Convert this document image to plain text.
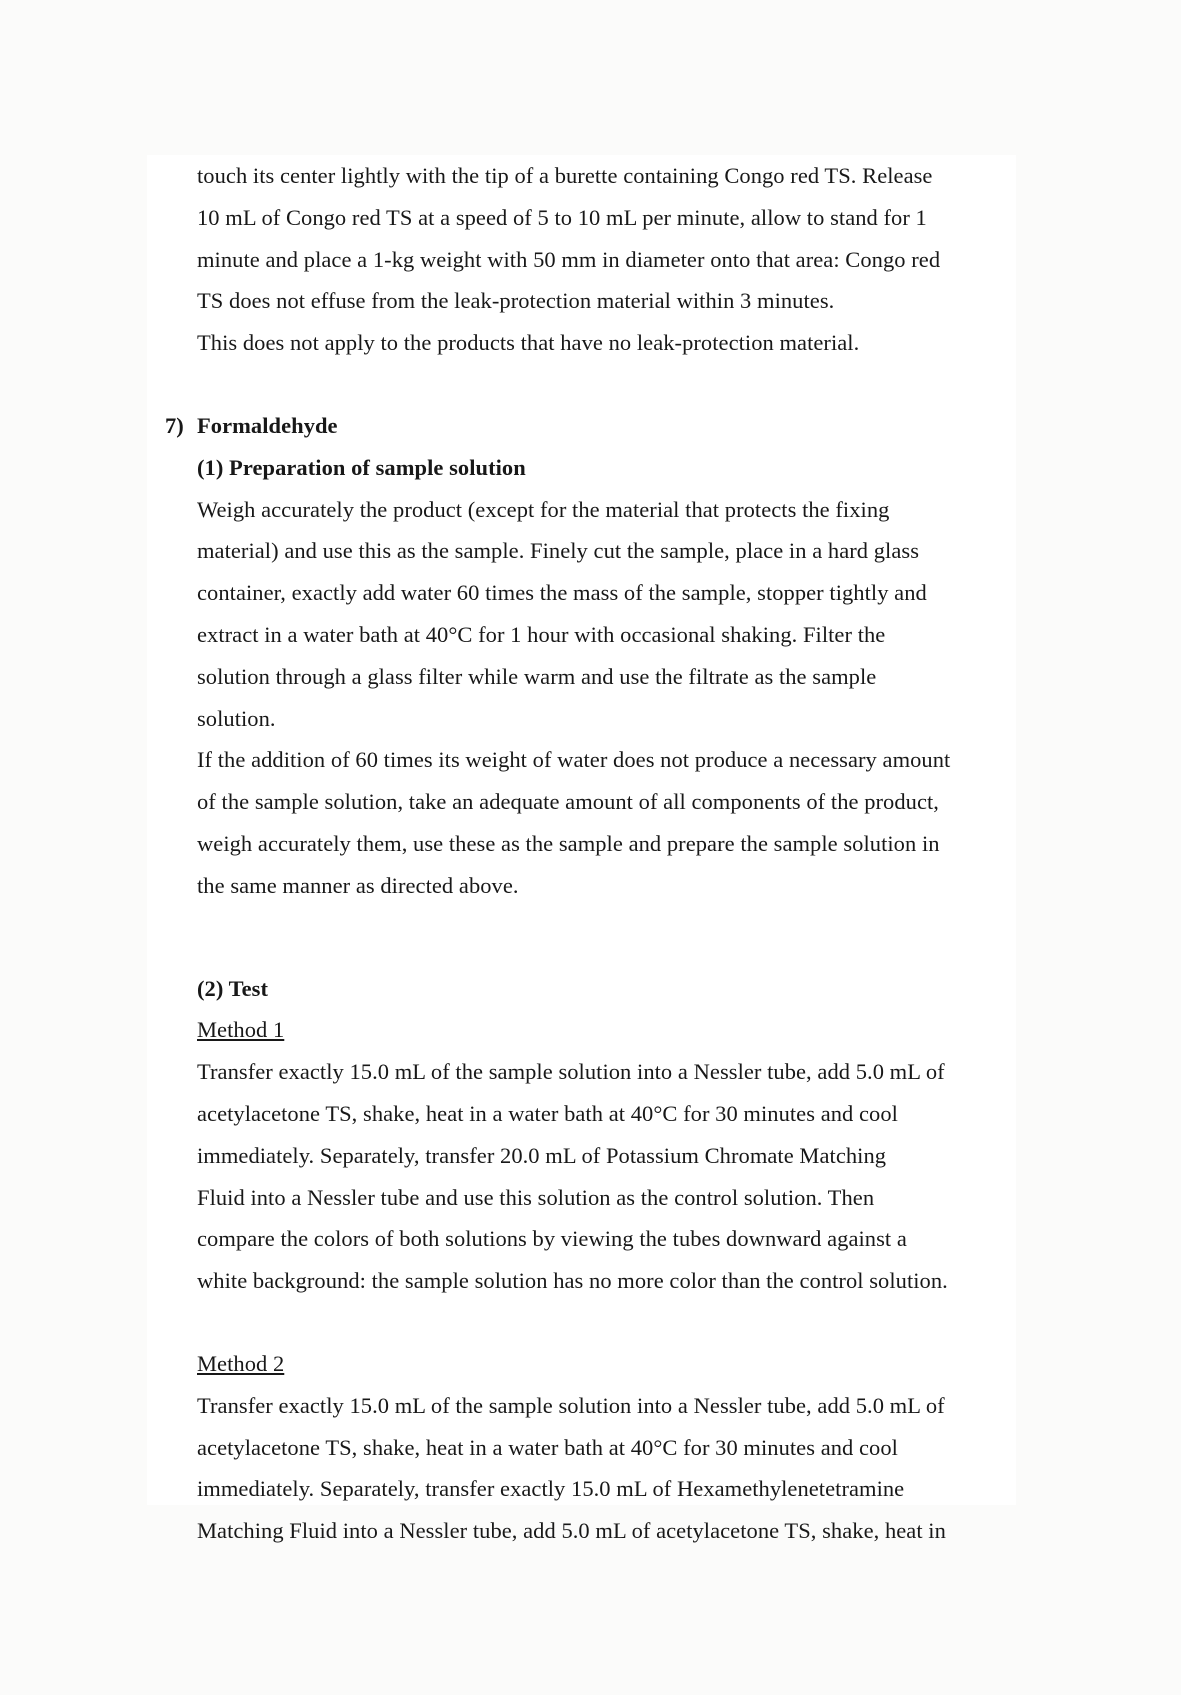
touch its center lightly with the tip of a burette containing Congo red TS. Release
10 mL of Congo red TS at a speed of 5 to 10 mL per minute, allow to stand for 1
minute and place a 1-kg weight with 50 mm in diameter onto that area: Congo red
TS does not effuse from the leak-protection material within 3 minutes.
This does not apply to the products that have no leak-protection material.
7) Formaldehyde
(1) Preparation of sample solution
Weigh accurately the product (except for the material that protects the fixing
material) and use this as the sample. Finely cut the sample, place in a hard glass
container, exactly add water 60 times the mass of the sample, stopper tightly and
extract in a water bath at 40°C for 1 hour with occasional shaking. Filter the
solution through a glass filter while warm and use the filtrate as the sample
solution.
If the addition of 60 times its weight of water does not produce a necessary amount
of the sample solution, take an adequate amount of all components of the product,
weigh accurately them, use these as the sample and prepare the sample solution in
the same manner as directed above.
(2) Test
Method 1
Transfer exactly 15.0 mL of the sample solution into a Nessler tube, add 5.0 mL of
acetylacetone TS, shake, heat in a water bath at 40°C for 30 minutes and cool
immediately. Separately, transfer 20.0 mL of Potassium Chromate Matching
Fluid into a Nessler tube and use this solution as the control solution. Then
compare the colors of both solutions by viewing the tubes downward against a
white background: the sample solution has no more color than the control solution.
Method 2
Transfer exactly 15.0 mL of the sample solution into a Nessler tube, add 5.0 mL of
acetylacetone TS, shake, heat in a water bath at 40°C for 30 minutes and cool
immediately. Separately, transfer exactly 15.0 mL of Hexamethylenetetramine
Matching Fluid into a Nessler tube, add 5.0 mL of acetylacetone TS, shake, heat in
